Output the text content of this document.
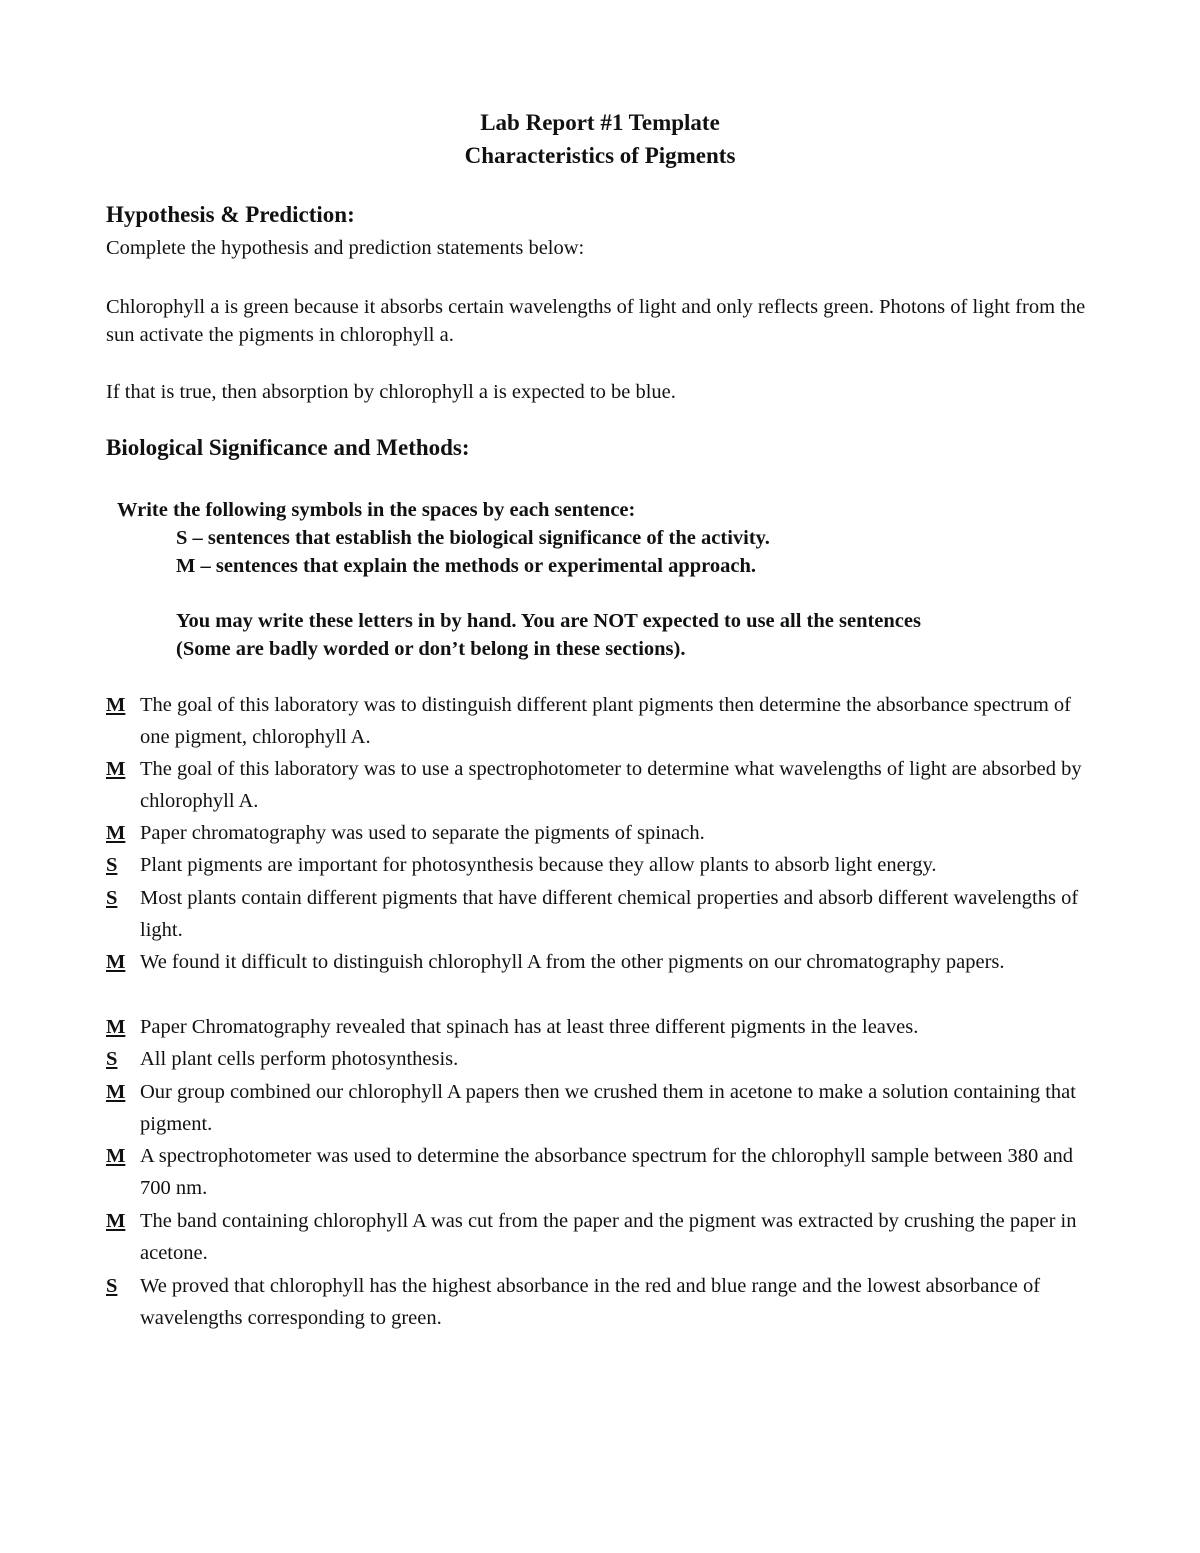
Lab Report #1 Template
Characteristics of Pigments
Hypothesis & Prediction:
Complete the hypothesis and prediction statements below:
Chlorophyll a is green because it absorbs certain wavelengths of light and only reflects green. Photons of light from the sun activate the pigments in chlorophyll a.
If that is true, then absorption by chlorophyll a is expected to be blue.
Biological Significance and Methods:
Write the following symbols in the spaces by each sentence:
S – sentences that establish the biological significance of the activity.
M – sentences that explain the methods or experimental approach.
You may write these letters in by hand. You are NOT expected to use all the sentences
(Some are badly worded or don’t belong in these sections).
M The goal of this laboratory was to distinguish different plant pigments then determine the absorbance spectrum of one pigment, chlorophyll A.
M The goal of this laboratory was to use a spectrophotometer to determine what wavelengths of light are absorbed by chlorophyll A.
M Paper chromatography was used to separate the pigments of spinach.
S Plant pigments are important for photosynthesis because they allow plants to absorb light energy.
S Most plants contain different pigments that have different chemical properties and absorb different wavelengths of light.
M We found it difficult to distinguish chlorophyll A from the other pigments on our chromatography papers.
M Paper Chromatography revealed that spinach has at least three different pigments in the leaves.
S All plant cells perform photosynthesis.
M Our group combined our chlorophyll A papers then we crushed them in acetone to make a solution containing that pigment.
M A spectrophotometer was used to determine the absorbance spectrum for the chlorophyll sample between 380 and 700 nm.
M The band containing chlorophyll A was cut from the paper and the pigment was extracted by crushing the paper in acetone.
S We proved that chlorophyll has the highest absorbance in the red and blue range and the lowest absorbance of wavelengths corresponding to green.
